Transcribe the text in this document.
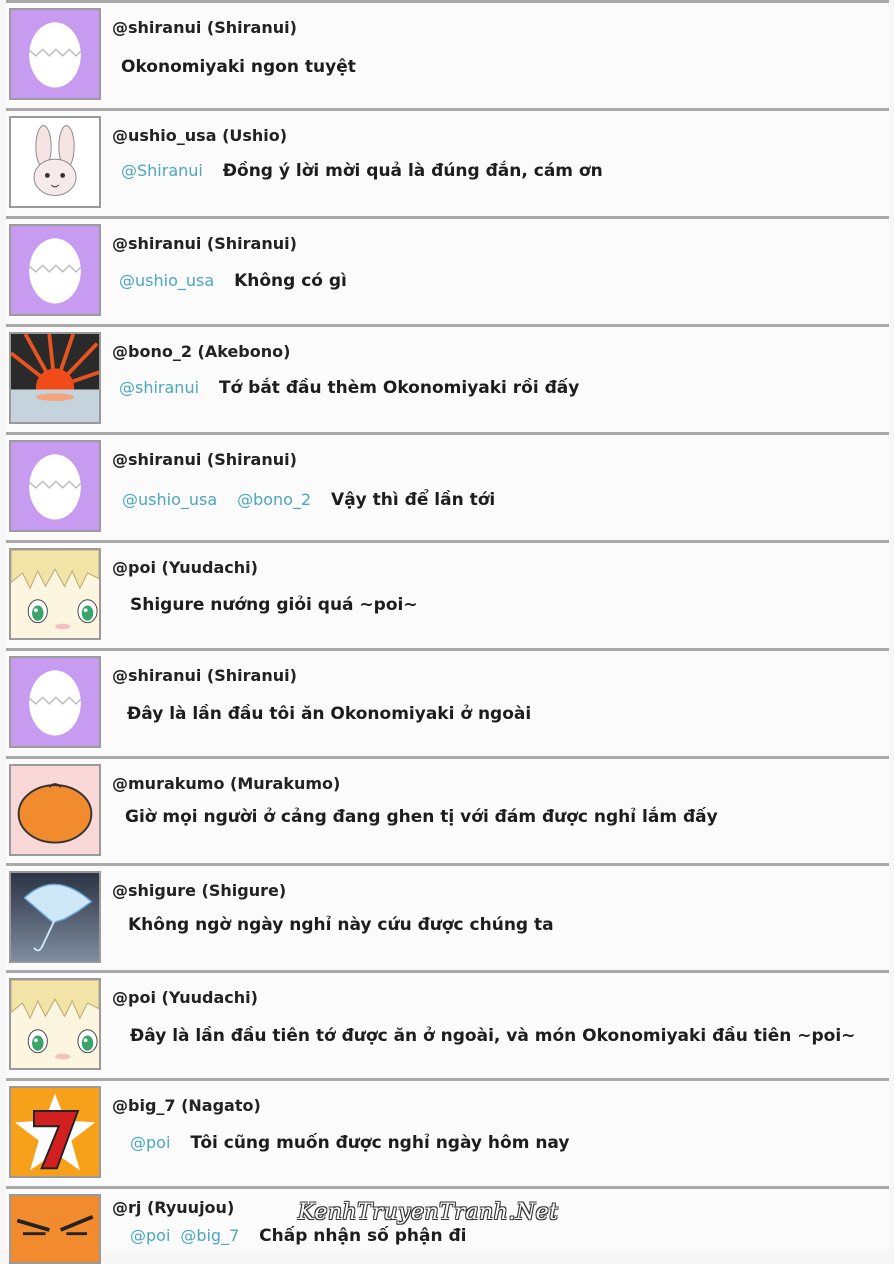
@shiranui (Shiranui)
Okonomiyaki ngon tuyệt
@ushio_usa (Ushio)
@Shiranui Đồng ý lời mời quả là đúng đắn, cám ơn
@shiranui (Shiranui)
@ushio_usa Không có gì
@bono_2 (Akebono)
@shiranui Tớ bắt đầu thèm Okonomiyaki rồi đấy
@shiranui (Shiranui)
@ushio_usa @bono_2 Vậy thì để lần tới
@poi (Yuudachi)
Shigure nướng giỏi quá ~poi~
@shiranui (Shiranui)
Đây là lần đầu tôi ăn Okonomiyaki ở ngoài
@murakumo (Murakumo)
Giờ mọi người ở cảng đang ghen tị với đám được nghỉ lắm đấy
@shigure (Shigure)
Không ngờ ngày nghỉ này cứu được chúng ta
@poi (Yuudachi)
Đây là lần đầu tiên tớ được ăn ở ngoài, và món Okonomiyaki đầu tiên ~poi~
@big_7 (Nagato)
@poi Tôi cũng muốn được nghỉ ngày hôm nay
@rj (Ryuujou)
@poi @big_7 Chấp nhận số phận đi
KenhTruyenTranh.Net
